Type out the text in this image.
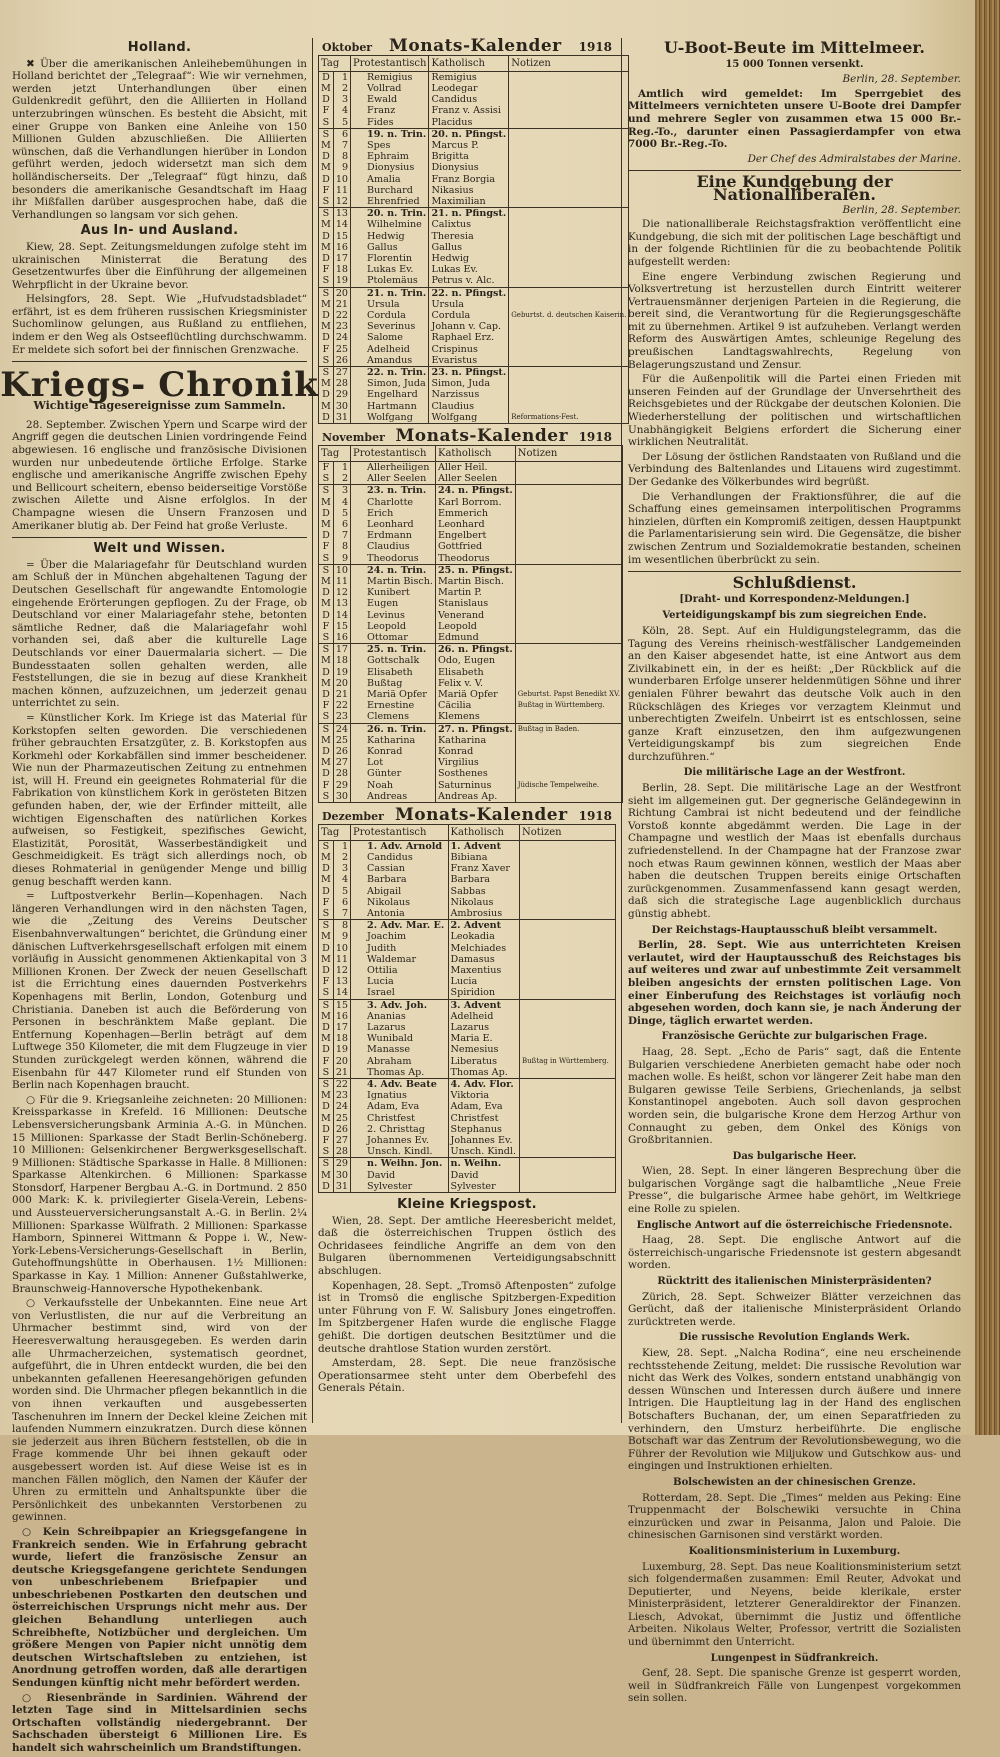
Holland.
✖ Über die amerikanischen Anleihebemühungen in Holland berichtet der „Telegraaf“: Wie wir vernehmen, werden jetzt Unterhandlungen über einen Guldenkredit geführt, den die Alliierten in Holland unterzubringen wünschen. Es besteht die Absicht, mit einer Gruppe von Banken eine Anleihe von 150 Millionen Gulden abzuschließen. Die Alliierten wünschen, daß die Verhandlungen hierüber in London geführt werden, jedoch widersetzt man sich dem holländischerseits. Der „Telegraaf“ fügt hinzu, daß besonders die amerikanische Gesandtschaft im Haag ihr Mißfallen darüber ausgesprochen habe, daß die Verhandlungen so langsam vor sich gehen.
Aus In- und Ausland.
Kiew, 28. Sept. Zeitungsmeldungen zufolge steht im ukrainischen Ministerrat die Beratung des Gesetzentwurfes über die Einführung der allgemeinen Wehrpflicht in der Ukraine bevor.
Helsingfors, 28. Sept. Wie „Hufvudstadsbladet“ erfährt, ist es dem früheren russischen Kriegsminister Suchomlinow gelungen, aus Rußland zu entfliehen, indem er den Weg als Ostseeflüchtling durchschwamm. Er meldete sich sofort bei der finnischen Grenzwache.
Kriegs- Chronik
Wichtige Tagesereignisse zum Sammeln.
28. September. Zwischen Ypern und Scarpe wird der Angriff gegen die deutschen Linien vordringende Feind abgewiesen. 16 englische und französische Divisionen wurden nur unbedeutende örtliche Erfolge. Starke englische und amerikanische Angriffe zwischen Epehy und Bellicourt scheitern, ebenso beiderseitige Vorstöße zwischen Ailette und Aisne erfolglos. In der Champagne wiesen die Unsern Franzosen und Amerikaner blutig ab. Der Feind hat große Verluste.
Welt und Wissen.
= Über die Malariagefahr für Deutschland wurden am Schluß der in München abgehaltenen Tagung der Deutschen Gesellschaft für angewandte Entomologie eingehende Erörterungen gepflogen. Zu der Frage, ob Deutschland vor einer Malariagefahr stehe, betonten sämtliche Redner, daß die Malariagefahr wohl vorhanden sei, daß aber die kulturelle Lage Deutschlands vor einer Dauermalaria sichert. — Die Bundesstaaten sollen gehalten werden, alle Feststellungen, die sie in bezug auf diese Krankheit machen können, aufzuzeichnen, um jederzeit genau unterrichtet zu sein.
= Künstlicher Kork. Im Kriege ist das Material für Korkstopfen selten geworden. Die verschiedenen früher gebrauchten Ersatzgüter, z. B. Korkstopfen aus Korkmehl oder Korkabfällen sind immer bescheidener. Wie nun der Pharmazeutischen Zeitung zu entnehmen ist, will H. Freund ein geeignetes Rohmaterial für die Fabrikation von künstlichem Kork in gerösteten Bitzen gefunden haben, der, wie der Erfinder mitteilt, alle wichtigen Eigenschaften des natürlichen Korkes aufweisen, so Festigkeit, spezifisches Gewicht, Elastizität, Porosität, Wasserbeständigkeit und Geschmeidigkeit. Es trägt sich allerdings noch, ob dieses Rohmaterial in genügender Menge und billig genug beschafft werden kann.
= Luftpostverkehr Berlin—Kopenhagen. Nach längeren Verhandlungen wird in den nächsten Tagen, wie die „Zeitung des Vereins Deutscher Eisenbahnverwaltungen“ berichtet, die Gründung einer dänischen Luftverkehrsgesellschaft erfolgen mit einem vorläufig in Aussicht genommenen Aktienkapital von 3 Millionen Kronen. Der Zweck der neuen Gesellschaft ist die Errichtung eines dauernden Postverkehrs Kopenhagens mit Berlin, London, Gotenburg und Christiania. Daneben ist auch die Beförderung von Personen in beschränktem Maße geplant. Die Entfernung Kopenhagen—Berlin beträgt auf dem Luftwege 350 Kilometer, die mit dem Flugzeuge in vier Stunden zurückgelegt werden können, während die Eisenbahn für 447 Kilometer rund elf Stunden von Berlin nach Kopenhagen braucht.
○ Für die 9. Kriegsanleihe zeichneten: 20 Millionen: Kreissparkasse in Krefeld. 16 Millionen: Deutsche Lebensversicherungsbank Arminia A.-G. in München. 15 Millionen: Sparkasse der Stadt Berlin-Schöneberg. 10 Millionen: Gelsenkirchener Bergwerksgesellschaft. 9 Millionen: Städtische Sparkasse in Halle. 8 Millionen: Sparkasse Altenkirchen. 6 Millionen: Sparkasse Stonsdorf, Harpener Bergbau A.-G. in Dortmund. 2 850 000 Mark: K. k. privilegierter Gisela-Verein, Lebens- und Aussteuerversicherungsanstalt A.-G. in Berlin. 2¼ Millionen: Sparkasse Wülfrath. 2 Millionen: Sparkasse Hamborn, Spinnerei Wittmann & Poppe i. W., New-York-Lebens-Versicherungs-Gesellschaft in Berlin, Gutehoffnungshütte in Oberhausen. 1½ Millionen: Sparkasse in Kay. 1 Million: Annener Gußstahlwerke, Braunschweig-Hannoversche Hypothekenbank.
○ Verkaufsstelle der Unbekannten. Eine neue Art von Verlustlisten, die nur auf die Verbreitung an Uhrmacher bestimmt sind, wird von der Heeresverwaltung herausgegeben. Es werden darin alle Uhrmacherzeichen, systematisch geordnet, aufgeführt, die in Uhren entdeckt wurden, die bei den unbekannten gefallenen Heeresangehörigen gefunden worden sind. Die Uhrmacher pflegen bekanntlich in die von ihnen verkauften und ausgebesserten Taschenuhren im Innern der Deckel kleine Zeichen mit laufenden Nummern einzukratzen. Durch diese können sie jederzeit aus ihren Büchern feststellen, ob die in Frage kommende Uhr bei ihnen gekauft oder ausgebessert worden ist. Auf diese Weise ist es in manchen Fällen möglich, den Namen der Käufer der Uhren zu ermitteln und Anhaltspunkte über die Persönlichkeit des unbekannten Verstorbenen zu gewinnen.
○ Kein Schreibpapier an Kriegsgefangene in Frankreich senden. Wie in Erfahrung gebracht wurde, liefert die französische Zensur an deutsche Kriegsgefangene gerichtete Sendungen von unbeschriebenem Briefpapier und unbeschriebenen Postkarten den deutschen und österreichischen Ursprungs nicht mehr aus. Der gleichen Behandlung unterliegen auch Schreibhefte, Notizbücher und dergleichen. Um größere Mengen von Papier nicht unnötig dem deutschen Wirtschaftsleben zu entziehen, ist Anordnung getroffen worden, daß alle derartigen Sendungen künftig nicht mehr befördert werden.
○ Riesenbrände in Sardinien. Während der letzten Tage sind in Mittelsardinien sechs Ortschaften vollständig niedergebrannt. Der Sachschaden übersteigt 6 Millionen Lire. Es handelt sich wahrscheinlich um Brandstiftungen.
Oktober Monats-Kalender 1918
Tag		Protestantisch	Katholisch	Notizen
D	1	Remigius	Remigius	
M	2	Vollrad	Leodegar	
D	3	Ewald	Candidus	
F	4	Franz	Franz v. Assisi	
S	5	Fides	Placidus	
S	6	19. n. Trin.	20. n. Pfingst.	
M	7	Spes	Marcus P.	
D	8	Ephraim	Brigitta	
M	9	Dionysius	Dionysius	
D	10	Amalia	Franz Borgia	
F	11	Burchard	Nikasius	
S	12	Ehrenfried	Maximilian	
S	13	20. n. Trin.	21. n. Pfingst.	
M	14	Wilhelmine	Calixtus	
D	15	Hedwig	Theresia	
M	16	Gallus	Gallus	
D	17	Florentin	Hedwig	
F	18	Lukas Ev.	Lukas Ev.	
S	19	Ptolemäus	Petrus v. Alc.	
S	20	21. n. Trin.	22. n. Pfingst.	
M	21	Ursula	Ursula	
D	22	Cordula	Cordula	Geburtst. d. deutschen Kaiserin.
M	23	Severinus	Johann v. Cap.	
D	24	Salome	Raphael Erz.	
F	25	Adelheid	Crispinus	
S	26	Amandus	Evaristus	
S	27	22. n. Trin.	23. n. Pfingst.	
M	28	Simon, Juda	Simon, Juda	
D	29	Engelhard	Narzissus	
M	30	Hartmann	Claudius	
D	31	Wolfgang	Wolfgang	Reformations-Fest.
November Monats-Kalender 1918
Tag		Protestantisch	Katholisch	Notizen
F	1	Allerheiligen	Aller Heil.	
S	2	Aller Seelen	Aller Seelen	
S	3	23. n. Trin.	24. n. Pfingst.	
M	4	Charlotte	Karl Borrom.	
D	5	Erich	Emmerich	
M	6	Leonhard	Leonhard	
D	7	Erdmann	Engelbert	
F	8	Claudius	Gottfried	
S	9	Theodorus	Theodorus	
S	10	24. n. Trin.	25. n. Pfingst.	
M	11	Martin Bisch.	Martin Bisch.	
D	12	Kunibert	Martin P.	
M	13	Eugen	Stanislaus	
D	14	Levinus	Venerand	
F	15	Leopold	Leopold	
S	16	Ottomar	Edmund	
S	17	25. n. Trin.	26. n. Pfingst.	
M	18	Gottschalk	Odo, Eugen	
D	19	Elisabeth	Elisabeth	
M	20	Bußtag	Felix v. V.	
D	21	Mariä Opfer	Mariä Opfer	Geburtst. Papst Benedikt XV.
F	22	Ernestine	Cäcilia	Bußtag in Württemberg.
S	23	Clemens	Klemens	
S	24	26. n. Trin.	27. n. Pfingst.	Bußtag in Baden.
M	25	Katharina	Katharina	
D	26	Konrad	Konrad	
M	27	Lot	Virgilius	
D	28	Günter	Sosthenes	
F	29	Noah	Saturninus	Jüdische Tempelweihe.
S	30	Andreas	Andreas Ap.	
Dezember Monats-Kalender 1918
Tag		Protestantisch	Katholisch	Notizen
S	1	1. Adv. Arnold	1. Advent	
M	2	Candidus	Bibiana	
D	3	Cassian	Franz Xaver	
M	4	Barbara	Barbara	
D	5	Abigail	Sabbas	
F	6	Nikolaus	Nikolaus	
S	7	Antonia	Ambrosius	
S	8	2. Adv. Mar. E.	2. Advent	
M	9	Joachim	Leokadia	
D	10	Judith	Melchiades	
M	11	Waldemar	Damasus	
D	12	Ottilia	Maxentius	
F	13	Lucia	Lucia	
S	14	Israel	Spiridion	
S	15	3. Adv. Joh.	3. Advent	
M	16	Ananias	Adelheid	
D	17	Lazarus	Lazarus	
M	18	Wunibald	Maria E.	
D	19	Manasse	Nemesius	
F	20	Abraham	Liberatus	Bußtag in Württemberg.
S	21	Thomas Ap.	Thomas Ap.	
S	22	4. Adv. Beate	4. Adv. Flor.	
M	23	Ignatius	Viktoria	
D	24	Adam, Eva	Adam, Eva	
M	25	Christfest	Christfest	
D	26	2. Christtag	Stephanus	
F	27	Johannes Ev.	Johannes Ev.	
S	28	Unsch. Kindl.	Unsch. Kindl.	
S	29	n. Weihn. Jon.	n. Weihn.	
M	30	David	David	
D	31	Sylvester	Sylvester	
Kleine Kriegspost.
Wien, 28. Sept. Der amtliche Heeresbericht meldet, daß die österreichischen Truppen östlich des Ochridasees feindliche Angriffe an dem von den Bulgaren übernommenen Verteidigungsabschnitt abschlugen.
Kopenhagen, 28. Sept. „Tromsö Aftenposten“ zufolge ist in Tromsö die englische Spitzbergen-Expedition unter Führung von F. W. Salisbury Jones eingetroffen. Im Spitzbergener Hafen wurde die englische Flagge gehißt. Die dortigen deutschen Besitztümer und die deutsche drahtlose Station wurden zerstört.
Amsterdam, 28. Sept. Die neue französische Operationsarmee steht unter dem Oberbefehl des Generals Pétain.
U-Boot-Beute im Mittelmeer.
15 000 Tonnen versenkt.
Berlin, 28. September.
Amtlich wird gemeldet: Im Sperrgebiet des Mittelmeers vernichteten unsere U-Boote drei Dampfer und mehrere Segler von zusammen etwa 15 000 Br.-Reg.-To., darunter einen Passagierdampfer von etwa 7000 Br.-Reg.-To.
Der Chef des Admiralstabes der Marine.
Eine Kundgebung der Nationalliberalen.
Berlin, 28. September.
Die nationalliberale Reichstagsfraktion veröffentlicht eine Kundgebung, die sich mit der politischen Lage beschäftigt und in der folgende Richtlinien für die zu beobachtende Politik aufgestellt werden:
Eine engere Verbindung zwischen Regierung und Volksvertretung ist herzustellen durch Eintritt weiterer Vertrauensmänner derjenigen Parteien in die Regierung, die bereit sind, die Verantwortung für die Regierungsgeschäfte mit zu übernehmen. Artikel 9 ist aufzuheben. Verlangt werden Reform des Auswärtigen Amtes, schleunige Regelung des preußischen Landtagswahlrechts, Regelung von Belagerungszustand und Zensur.
Für die Außenpolitik will die Partei einen Frieden mit unseren Feinden auf der Grundlage der Unversehrtheit des Reichsgebietes und der Rückgabe der deutschen Kolonien. Die Wiederherstellung der politischen und wirtschaftlichen Unabhängigkeit Belgiens erfordert die Sicherung einer wirklichen Neutralität.
Der Lösung der östlichen Randstaaten von Rußland und die Verbindung des Baltenlandes und Litauens wird zugestimmt. Der Gedanke des Völkerbundes wird begrüßt.
Die Verhandlungen der Fraktionsführer, die auf die Schaffung eines gemeinsamen interpolitischen Programms hinzielen, dürften ein Kompromiß zeitigen, dessen Hauptpunkt die Parlamentarisierung sein wird. Die Gegensätze, die bisher zwischen Zentrum und Sozialdemokratie bestanden, scheinen im wesentlichen überbrückt zu sein.
Schlußdienst.
[Draht- und Korrespondenz-Meldungen.]
Verteidigungskampf bis zum siegreichen Ende.
Köln, 28. Sept. Auf ein Huldigungstelegramm, das die Tagung des Vereins rheinisch-westfälischer Landgemeinden an den Kaiser abgesendet hatte, ist eine Antwort aus dem Zivilkabinett ein, in der es heißt: „Der Rückblick auf die wunderbaren Erfolge unserer heldenmütigen Söhne und ihrer genialen Führer bewahrt das deutsche Volk auch in den Rückschlägen des Krieges vor verzagtem Kleinmut und unberechtigten Zweifeln. Unbeirrt ist es entschlossen, seine ganze Kraft einzusetzen, den ihm aufgezwungenen Verteidigungskampf bis zum siegreichen Ende durchzuführen.“
Die militärische Lage an der Westfront.
Berlin, 28. Sept. Die militärische Lage an der Westfront sieht im allgemeinen gut. Der gegnerische Geländegewinn in Richtung Cambrai ist nicht bedeutend und der feindliche Vorstoß konnte abgedämmt werden. Die Lage in der Champagne und westlich der Maas ist ebenfalls durchaus zufriedenstellend. In der Champagne hat der Franzose zwar noch etwas Raum gewinnen können, westlich der Maas aber haben die deutschen Truppen bereits einige Ortschaften zurückgenommen. Zusammenfassend kann gesagt werden, daß sich die strategische Lage augenblicklich durchaus günstig abhebt.
Der Reichstags-Hauptausschuß bleibt versammelt.
Berlin, 28. Sept. Wie aus unterrichteten Kreisen verlautet, wird der Hauptausschuß des Reichstages bis auf weiteres und zwar auf unbestimmte Zeit versammelt bleiben angesichts der ernsten politischen Lage. Von einer Einberufung des Reichstages ist vorläufig noch abgesehen worden, doch kann sie, je nach Änderung der Dinge, täglich erwartet werden.
Französische Gerüchte zur bulgarischen Frage.
Haag, 28. Sept. „Echo de Paris“ sagt, daß die Entente Bulgarien verschiedene Anerbieten gemacht habe oder noch machen wolle. Es heißt, schon vor längerer Zeit habe man den Bulgaren gewisse Teile Serbiens, Griechenlands, ja selbst Konstantinopel angeboten. Auch soll davon gesprochen worden sein, die bulgarische Krone dem Herzog Arthur von Connaught zu geben, dem Onkel des Königs von Großbritannien.
Das bulgarische Heer.
Wien, 28. Sept. In einer längeren Besprechung über die bulgarischen Vorgänge sagt die halbamtliche „Neue Freie Presse“, die bulgarische Armee habe gehört, im Weltkriege eine Rolle zu spielen.
Englische Antwort auf die österreichische Friedensnote.
Haag, 28. Sept. Die englische Antwort auf die österreichisch-ungarische Friedensnote ist gestern abgesandt worden.
Rücktritt des italienischen Ministerpräsidenten?
Zürich, 28. Sept. Schweizer Blätter verzeichnen das Gerücht, daß der italienische Ministerpräsident Orlando zurücktreten werde.
Die russische Revolution Englands Werk.
Kiew, 28. Sept. „Nalcha Rodina“, eine neu erscheinende rechtsstehende Zeitung, meldet: Die russische Revolution war nicht das Werk des Volkes, sondern entstand unabhängig von dessen Wünschen und Interessen durch äußere und innere Intrigen. Die Hauptleitung lag in der Hand des englischen Botschafters Buchanan, der, um einen Separatfrieden zu verhindern, den Umsturz herbeiführte. Die englische Botschaft war das Zentrum der Revolutionsbewegung, wo die Führer der Revolution wie Miljukow und Gutschkow aus- und eingingen und Instruktionen erhielten.
Bolschewisten an der chinesischen Grenze.
Rotterdam, 28. Sept. Die „Times“ melden aus Peking: Eine Truppenmacht der Bolschewiki versuchte in China einzurücken und zwar in Peisanma, Jalon und Paloie. Die chinesischen Garnisonen sind verstärkt worden.
Koalitionsministerium in Luxemburg.
Luxemburg, 28. Sept. Das neue Koalitionsministerium setzt sich folgendermaßen zusammen: Emil Reuter, Advokat und Deputierter, und Neyens, beide klerikale, erster Ministerpräsident, letzterer Generaldirektor der Finanzen. Liesch, Advokat, übernimmt die Justiz und öffentliche Arbeiten. Nikolaus Welter, Professor, vertritt die Sozialisten und übernimmt den Unterricht.
Lungenpest in Südfrankreich.
Genf, 28. Sept. Die spanische Grenze ist gesperrt worden, weil in Südfrankreich Fälle von Lungenpest vorgekommen sein sollen.
